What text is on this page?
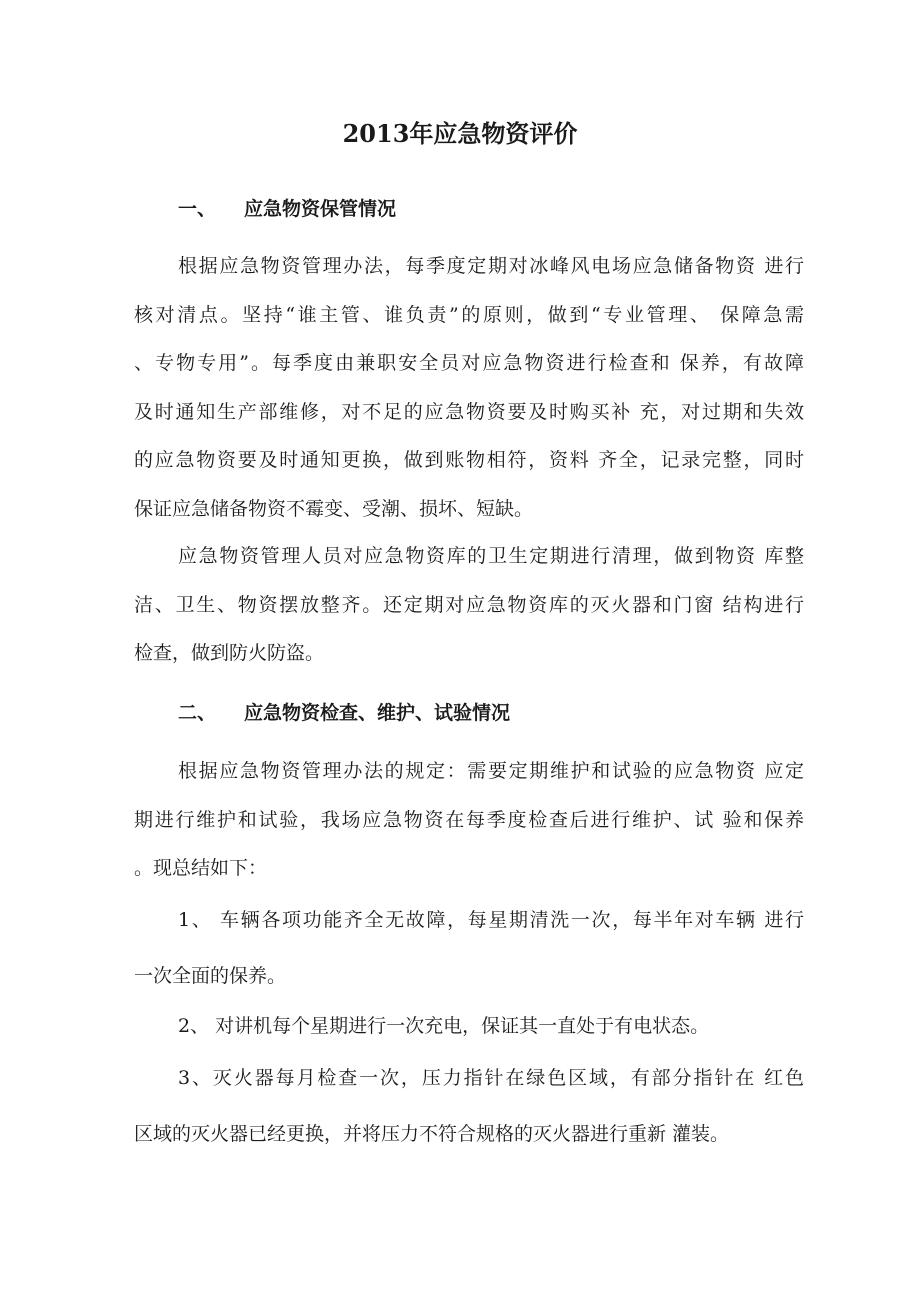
2013年应急物资评价
一、 应急物资保管情况
根据应急物资管理办法，每季度定期对冰峰风电场应急储备物资 进行
核对清点。坚持“谁主管、谁负责”的原则，做到“专业管理、 保障急需
、专物专用”。每季度由兼职安全员对应急物资进行检查和 保养，有故障
及时通知生产部维修，对不足的应急物资要及时购买补 充，对过期和失效
的应急物资要及时通知更换，做到账物相符，资料 齐全，记录完整，同时
保证应急储备物资不霉变、受潮、损坏、短缺。
应急物资管理人员对应急物资库的卫生定期进行清理，做到物资 库整
洁、卫生、物资摆放整齐。还定期对应急物资库的灭火器和门窗 结构进行
检查，做到防火防盗。
二、 应急物资检查、维护、试验情况
根据应急物资管理办法的规定：需要定期维护和试验的应急物资 应定
期进行维护和试验，我场应急物资在每季度检查后进行维护、试 验和保养
。现总结如下：
1、 车辆各项功能齐全无故障，每星期清洗一次，每半年对车辆 进行
一次全面的保养。
2、 对讲机每个星期进行一次充电，保证其一直处于有电状态。
3、灭火器每月检查一次，压力指针在绿色区域，有部分指针在 红色
区域的灭火器已经更换，并将压力不符合规格的灭火器进行重新 灌装。
